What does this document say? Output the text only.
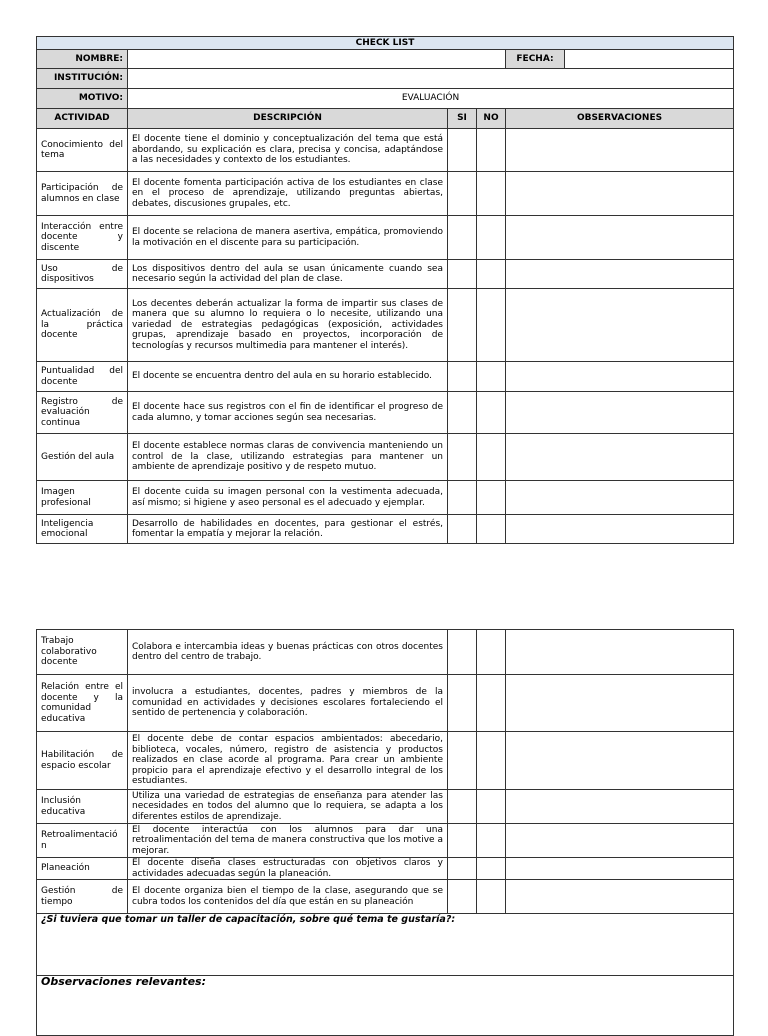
CHECK LIST				
NOMBRE:				FECHA:

INSTITUCIÓN:				
MOTIVO:	EVALUACIÓN			
ACTIVIDAD	DESCRIPCIÓN	SI	NO	OBSERVACIONES
Conocimiento del tema	El docente tiene el dominio y conceptualización del tema que está abordando, su explicación es clara, precisa y concisa, adaptándose a las necesidades y contexto de los estudiantes.			
Participación de alumnos en clase	El docente fomenta participación activa de los estudiantes en clase en el proceso de aprendizaje, utilizando preguntas abiertas, debates, discusiones grupales, etc.			
Interacción entre docente y discente	El docente se relaciona de manera asertiva, empática, promoviendo la motivación en el discente para su participación.			
Uso de dispositivos	Los dispositivos dentro del aula se usan únicamente cuando sea necesario según la actividad del plan de clase.			
Actualización de la práctica docente	Los decentes deberán actualizar la forma de impartir sus clases de manera que su alumno lo requiera o lo necesite, utilizando una variedad de estrategias pedagógicas (exposición, actividades grupas, aprendizaje basado en proyectos, incorporación de tecnologías y recursos multimedia para mantener el interés).			
Puntualidad del docente	El docente se encuentra dentro del aula en su horario establecido.			
Registro de evaluación continua	El docente hace sus registros con el fin de identificar el progreso de cada alumno, y tomar acciones según sea necesarias.			
Gestión del aula	El docente establece normas claras de convivencia manteniendo un control de la clase, utilizando estrategias para mantener un ambiente de aprendizaje positivo y de respeto mutuo.			
Imagen profesional	El docente cuida su imagen personal con la vestimenta adecuada, así mismo; si higiene y aseo personal es el adecuado y ejemplar.			
Inteligencia emocional	Desarrollo de habilidades en docentes, para gestionar el estrés, fomentar la empatía y mejorar la relación.			
Trabajo colaborativo docente	Colabora e intercambia ideas y buenas prácticas con otros docentes dentro del centro de trabajo.			
Relación entre el docente y la comunidad educativa	involucra a estudiantes, docentes, padres y miembros de la comunidad en actividades y decisiones escolares fortaleciendo el sentido de pertenencia y colaboración.			
Habilitación de espacio escolar	El docente debe de contar espacios ambientados: abecedario, biblioteca, vocales, número, registro de asistencia y productos realizados en clase acorde al programa. Para crear un ambiente propicio para el aprendizaje efectivo y el desarrollo integral de los estudiantes.			
Inclusión educativa	Utiliza una variedad de estrategias de enseñanza para atender las necesidades en todos del alumno que lo requiera, se adapta a los diferentes estilos de aprendizaje.			
Retroalimentación	El docente interactúa con los alumnos para dar una retroalimentación del tema de manera constructiva que los motive a mejorar.			
Planeación	El docente diseña clases estructuradas con objetivos claros y actividades adecuadas según la planeación.			
Gestión de tiempo	El docente organiza bien el tiempo de la clase, asegurando que se cubra todos los contenidos del día que están en su planeación			
¿Si tuviera que tomar un taller de capacitación, sobre qué tema te gustaría?:				
Observaciones relevantes:				
